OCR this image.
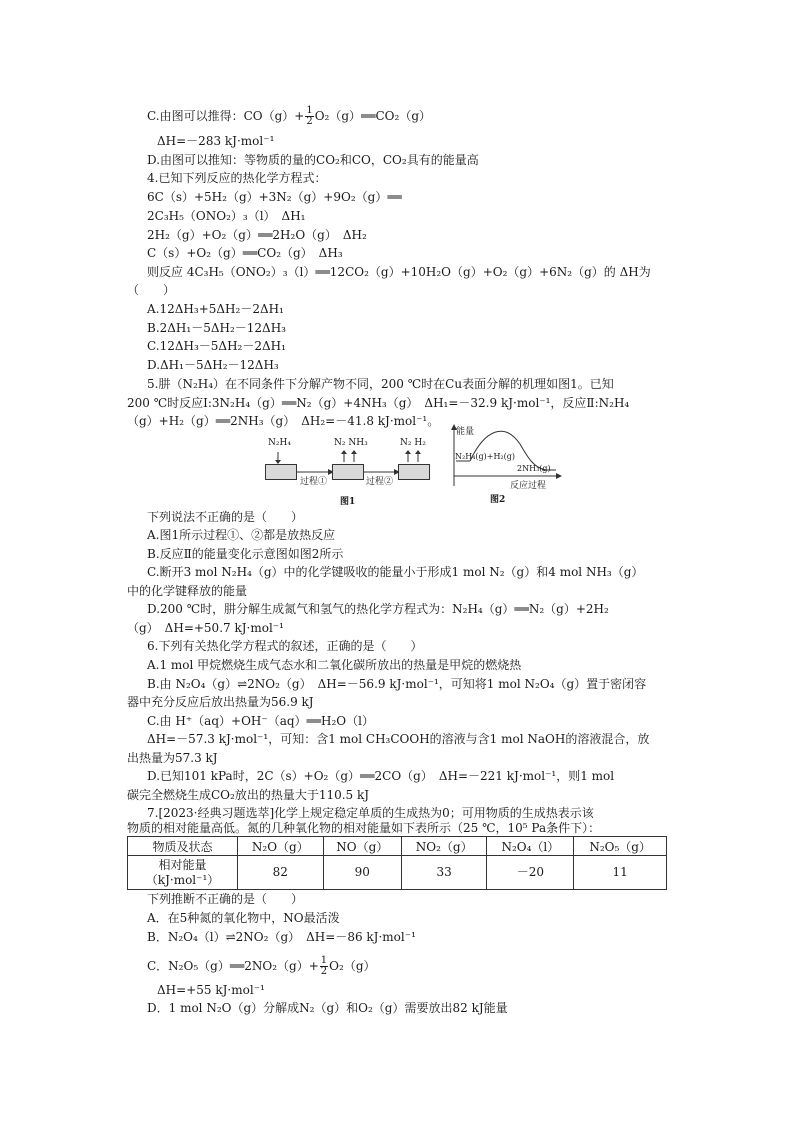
C.由图可以推得：$CO(g)+ \frac{1}{2}$ O₂（g）══CO₂（g）
ΔH=－283 kJ·mol⁻¹
D.由图可以推知：等物质的量的CO₂和CO，CO₂具有的能量高
4.已知下列反应的热化学方程式：
6C（s）+5H₂（g）+3N₂（g）+9O₂（g）══
2C₃H₅（ONO₂）₃（l）　ΔH₁
2H₂（g）+O₂（g）══2H₂O（g）　ΔH₂
C（s）+O₂（g）══CO₂（g）　ΔH₃
则反应 4C₃H₅（ONO₂）₃（l）══12CO₂（g）+10H₂O（g）+O₂（g）+6N₂（g）的 ΔH为
（　　）
A.12ΔH₃+5ΔH₂－2ΔH₁
B.2ΔH₁－5ΔH₂－12ΔH₃
C.12ΔH₃－5ΔH₂－2ΔH₁
D.ΔH₁－5ΔH₂－12ΔH₃
5.肼（N₂H₄）在不同条件下分解产物不同，200 ℃时在Cu表面分解的机理如图1。已知
200 ℃时反应Ⅰ:3N₂H₄（g）══N₂（g）+4NH₃（g）　ΔH₁=－32.9 kJ·mol⁻¹，反应Ⅱ:N₂H₄
（g）+H₂（g）══2NH₃（g）　ΔH₂=－41.8 kJ·mol⁻¹。
N₂H₄	N₂ NH₃	N₂ H₂
过程①	过程②
图1
能量
N₂H₄(g)+H₂(g)
2NH₃(g)
反应过程
图2
下列说法不正确的是（　　）
A.图1所示过程①、②都是放热反应
B.反应Ⅱ的能量变化示意图如图2所示
C.断开3 mol N₂H₄（g）中的化学键吸收的能量小于形成1 mol N₂（g）和4 mol NH₃（g）
中的化学键释放的能量
D.200 ℃时，肼分解生成氮气和氢气的热化学方程式为：N₂H₄（g）══N₂（g）+2H₂
（g）　ΔH=+50.7 kJ·mol⁻¹
6.下列有关热化学方程式的叙述，正确的是（　　）
A.1 mol 甲烷燃烧生成气态水和二氧化碳所放出的热量是甲烷的燃烧热
B.由 N₂O₄（g）⇌2NO₂（g）　ΔH=－56.9 kJ·mol⁻¹，可知将1 mol N₂O₄（g）置于密闭容
器中充分反应后放出热量为56.9 kJ
C.由 H⁺（aq）+OH⁻（aq）══H₂O（l）
ΔH=－57.3 kJ·mol⁻¹，可知：含1 mol CH₃COOH的溶液与含1 mol NaOH的溶液混合，放
出热量为57.3 kJ
D.已知101 kPa时，2C（s）+O₂（g）══2CO（g）　ΔH=－221 kJ·mol⁻¹，则1 mol
碳完全燃烧生成CO₂放出的热量大于110.5 kJ
7.[2023·经典习题选萃]化学上规定稳定单质的生成热为0；可用物质的生成热表示该
物质的相对能量高低。氮的几种氧化物的相对能量如下表所示（25 ℃，10⁵ Pa条件下）：
物质及状态	N₂O（g）	NO（g）	NO₂（g）	N₂O₄（l）	N₂O₅（g）

相对能量
（kJ·mol⁻¹）	82	90	33	－20	11
下列推断不正确的是（　　）
A．在5种氮的氧化物中，NO最活泼
B．N₂O₄（l）⇌2NO₂（g）　ΔH=－86 kJ·mol⁻¹
C．N₂O₅（g）══2NO₂（g）+ $\frac{1}{2} O_2(g)$
ΔH=+55 kJ·mol⁻¹
D．1 mol N₂O（g）分解成N₂（g）和O₂（g）需要放出82 kJ能量
